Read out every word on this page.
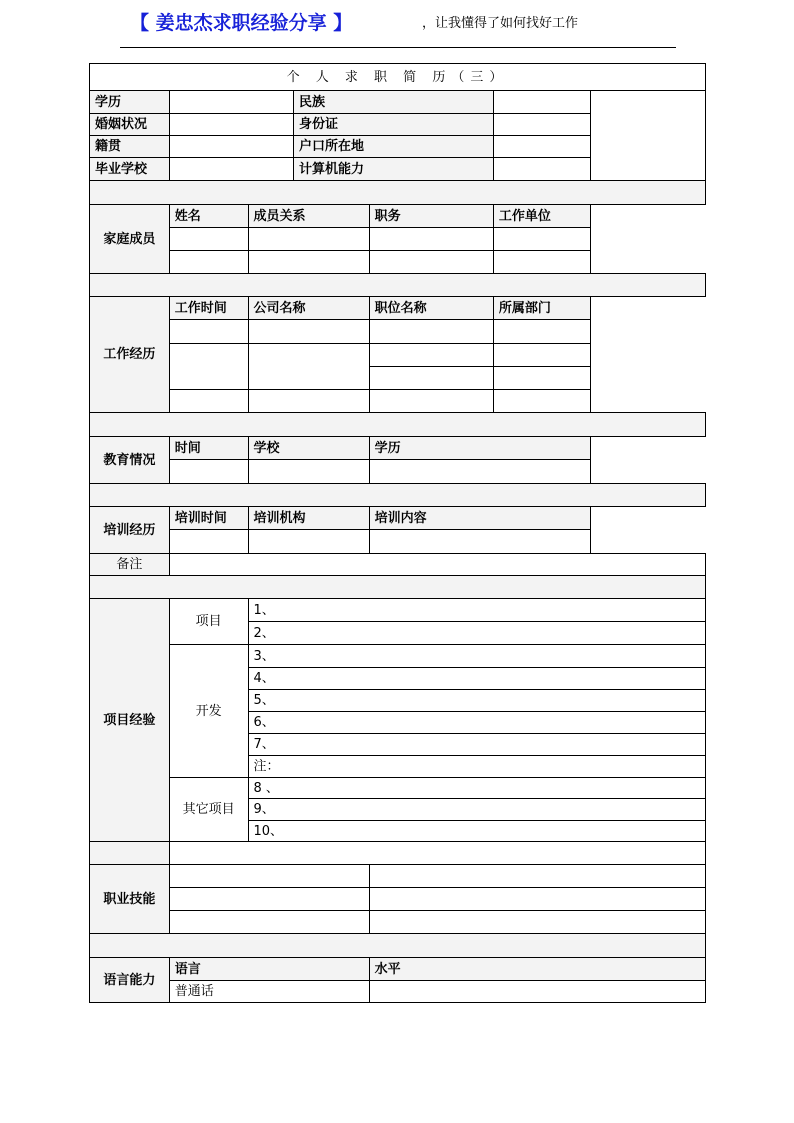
【 姜忠杰求职经验分享 】	，让我懂得了如何找好工作
个 人 求 职 简 历（三）						
学历			民族			
婚姻状况			身份证			
籍贯			户口所在地			
毕业学校			计算机能力			

家庭成员	姓名	成员关系		职务	工作单位	

工作经历	工作时间	公司名称		职位名称	所属部门	

教育情况	时间	学校		学历		

培训经历	培训时间	培训机构		培训内容		

备注						

项目经验	项目	1、				
		2、				
	开发	3、				
		4、				
		5、				
		6、				
		7、				
		注：				
	其它项目	8 、				
		9、				
		10、				

职业技能						

语言能力	语言			水平		
	普通话					
